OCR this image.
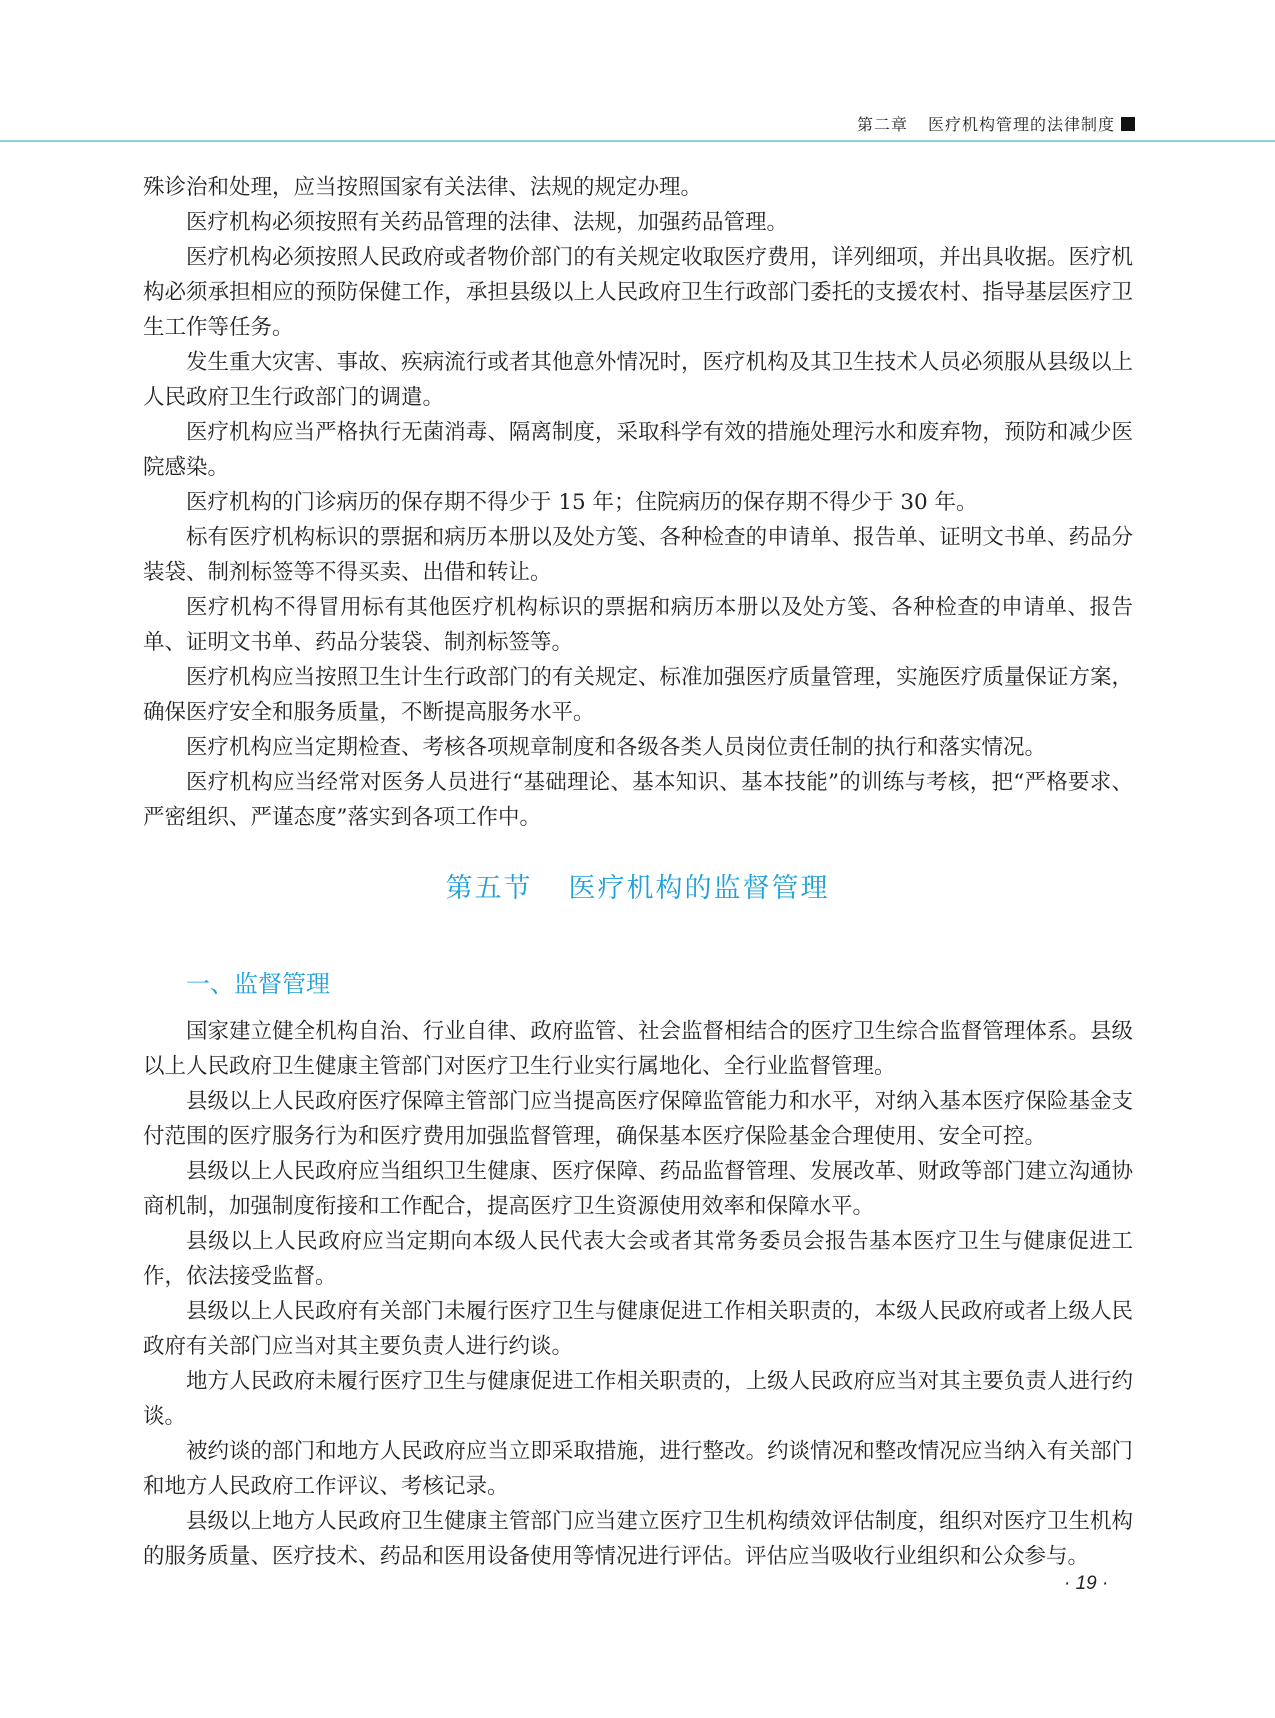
第二章 医疗机构管理的法律制度

殊诊治和处理，应当按照国家有关法律、法规的规定办理。

医疗机构必须按照有关药品管理的法律、法规，加强药品管理。

医疗机构必须按照人民政府或者物价部门的有关规定收取医疗费用，详列细项，并出具收据。医疗机构必须承担相应的预防保健工作，承担县级以上人民政府卫生行政部门委托的支援农村、指导基层医疗卫生工作等任务。

发生重大灾害、事故、疾病流行或者其他意外情况时，医疗机构及其卫生技术人员必须服从县级以上人民政府卫生行政部门的调遣。

医疗机构应当严格执行无菌消毒、隔离制度，采取科学有效的措施处理污水和废弃物，预防和减少医院感染。

医疗机构的门诊病历的保存期不得少于 15 年；住院病历的保存期不得少于 30 年。

标有医疗机构标识的票据和病历本册以及处方笺、各种检查的申请单、报告单、证明文书单、药品分装袋、制剂标签等不得买卖、出借和转让。

医疗机构不得冒用标有其他医疗机构标识的票据和病历本册以及处方笺、各种检查的申请单、报告单、证明文书单、药品分装袋、制剂标签等。

医疗机构应当按照卫生计生行政部门的有关规定、标准加强医疗质量管理，实施医疗质量保证方案，确保医疗安全和服务质量，不断提高服务水平。

医疗机构应当定期检查、考核各项规章制度和各级各类人员岗位责任制的执行和落实情况。

医疗机构应当经常对医务人员进行“基础理论、基本知识、基本技能”的训练与考核，把“严格要求、严密组织、严谨态度”落实到各项工作中。

第五节 医疗机构的监督管理
一、监督管理

国家建立健全机构自治、行业自律、政府监管、社会监督相结合的医疗卫生综合监督管理体系。县级以上人民政府卫生健康主管部门对医疗卫生行业实行属地化、全行业监督管理。

县级以上人民政府医疗保障主管部门应当提高医疗保障监管能力和水平，对纳入基本医疗保险基金支付范围的医疗服务行为和医疗费用加强监督管理，确保基本医疗保险基金合理使用、安全可控。

县级以上人民政府应当组织卫生健康、医疗保障、药品监督管理、发展改革、财政等部门建立沟通协商机制，加强制度衔接和工作配合，提高医疗卫生资源使用效率和保障水平。

县级以上人民政府应当定期向本级人民代表大会或者其常务委员会报告基本医疗卫生与健康促进工作，依法接受监督。

县级以上人民政府有关部门未履行医疗卫生与健康促进工作相关职责的，本级人民政府或者上级人民政府有关部门应当对其主要负责人进行约谈。

地方人民政府未履行医疗卫生与健康促进工作相关职责的，上级人民政府应当对其主要负责人进行约谈。

被约谈的部门和地方人民政府应当立即采取措施，进行整改。约谈情况和整改情况应当纳入有关部门和地方人民政府工作评议、考核记录。

县级以上地方人民政府卫生健康主管部门应当建立医疗卫生机构绩效评估制度，组织对医疗卫生机构的服务质量、医疗技术、药品和医用设备使用等情况进行评估。评估应当吸收行业组织和公众参与。

· 19 ·
